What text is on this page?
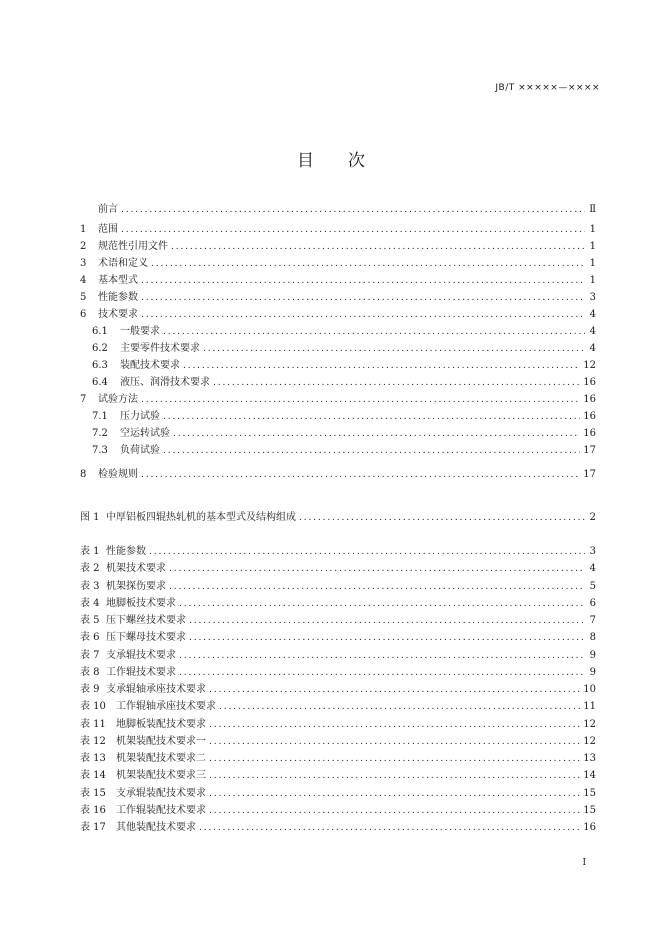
JB/T ×××××—××××
目 次
前言 . . .	Ⅱ
1	范围 . . .	1
2	规范性引用文件 . . .	1
3	术语和定义 . . .	1
4	基本型式 . . .	1
5	性能参数 . . .	3
6	技术要求 . . .	4
6.1	一般要求 . . .	4
6.2	主要零件技术要求 . . .	4
6.3	装配技术要求 . . .	12
6.4	液压、润滑技术要求 . . .	16
7	试验方法 . . .	16
7.1	压力试验 . . .	16
7.2	空运转试验 . . .	16
7.3	负荷试验 . . .	17
8	检验规则 . . .	17
图 1 中厚铝板四辊热轧机的基本型式及结构组成 . . .	2
表 1 性能参数 . . .	3
表 2 机架技术要求 . . .	4
表 3 机架探伤要求 . . .	5
表 4 地脚板技术要求 . . .	6
表 5 压下螺丝技术要求 . . .	7
表 6 压下螺母技术要求 . . .	8
表 7 支承辊技术要求 . . .	9
表 8 工作辊技术要求 . . .	9
表 9 支承辊轴承座技术要求 . . .	10
表 10	工作辊轴承座技术要求 . . .	11
表 11	地脚板装配技术要求 . . .	12
表 12	机架装配技术要求一 . . .	12
表 13	机架装配技术要求二 . . .	13
表 14	机架装配技术要求三 . . .	14
表 15	支承辊装配技术要求 . . .	15
表 16	工作辊装配技术要求 . . .	15
表 17	其他装配技术要求 . . .	16
I
